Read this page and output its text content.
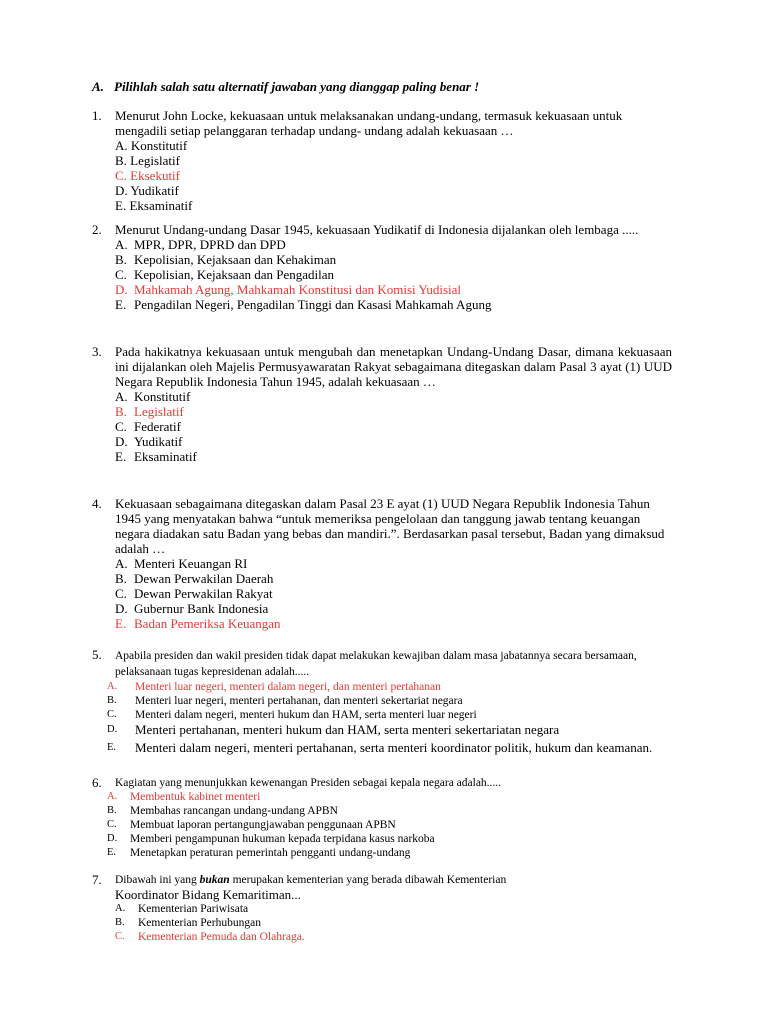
A. Pilihlah salah satu alternatif jawaban yang dianggap paling benar !
1. Menurut John Locke, kekuasaan untuk melaksanakan undang-undang, termasuk kekuasaan untuk mengadili setiap pelanggaran terhadap undang- undang adalah kekuasaan …
A. Konstitutif
B. Legislatif
C. Eksekutif
D. Yudikatif
E. Eksaminatif
2. Menurut Undang-undang Dasar 1945, kekuasaan Yudikatif di Indonesia dijalankan oleh lembaga .....
A. MPR, DPR, DPRD dan DPD
B. Kepolisian, Kejaksaan dan Kehakiman
C. Kepolisian, Kejaksaan dan Pengadilan
D. Mahkamah Agung, Mahkamah Konstitusi dan Komisi Yudisial
E. Pengadilan Negeri, Pengadilan Tinggi dan Kasasi Mahkamah Agung
3. Pada hakikatnya kekuasaan untuk mengubah dan menetapkan Undang-Undang Dasar, dimana kekuasaan ini dijalankan oleh Majelis Permusyawaratan Rakyat sebagaimana ditegaskan dalam Pasal 3 ayat (1) UUD Negara Republik Indonesia Tahun 1945, adalah kekuasaan …
A. Konstitutif
B. Legislatif
C. Federatif
D. Yudikatif
E. Eksaminatif
4. Kekuasaan sebagaimana ditegaskan dalam Pasal 23 E ayat (1) UUD Negara Republik Indonesia Tahun 1945 yang menyatakan bahwa “untuk memeriksa pengelolaan dan tanggung jawab tentang keuangan negara diadakan satu Badan yang bebas dan mandiri.”. Berdasarkan pasal tersebut, Badan yang dimaksud adalah …
A. Menteri Keuangan RI
B. Dewan Perwakilan Daerah
C. Dewan Perwakilan Rakyat
D. Gubernur Bank Indonesia
E. Badan Pemeriksa Keuangan
5. Apabila presiden dan wakil presiden tidak dapat melakukan kewajiban dalam masa jabatannya secara bersamaan, pelaksanaan tugas kepresidenan adalah.....
A.	Menteri luar negeri, menteri dalam negeri, dan menteri pertahanan
B.	Menteri luar negeri, menteri pertahanan, dan menteri sekertariat negara
C.	Menteri dalam negeri, menteri hukum dan HAM, serta menteri luar negeri
D.	Menteri pertahanan, menteri hukum dan HAM, serta menteri sekertariatan negara
E.	Menteri dalam negeri, menteri pertahanan, serta menteri koordinator politik, hukum dan keamanan.
6. Kagiatan yang menunjukkan kewenangan Presiden sebagai kepala negara adalah.....
A.	Membentuk kabinet menteri
B.	Membahas rancangan undang-undang APBN
C.	Membuat laporan pertangungjawaban penggunaan APBN
D.	Memberi pengampunan hukuman kepada terpidana kasus narkoba
E.	Menetapkan peraturan pemerintah pengganti undang-undang
7. Dibawah ini yang bukan merupakan kementerian yang berada dibawah Kementerian
Koordinator Bidang Kemaritiman...
A.	Kementerian Pariwisata
B.	Kementerian Perhubungan
C.	Kementerian Pemuda dan Olahraga.
